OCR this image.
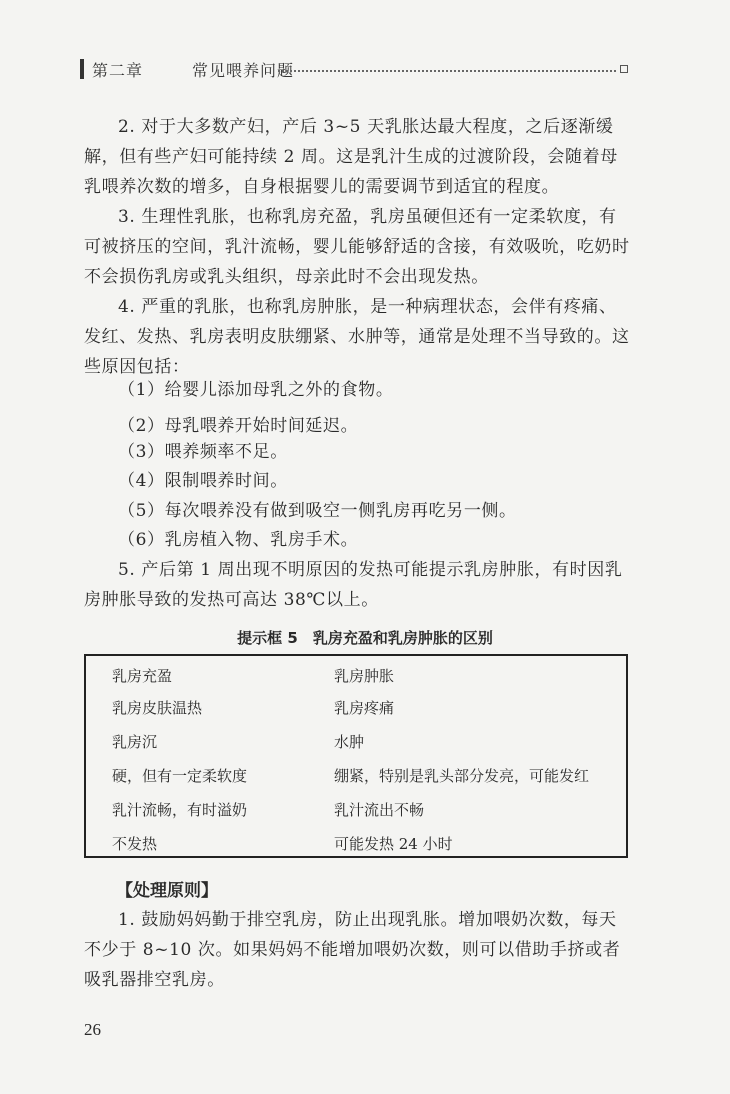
第二章	常见喂养问题

2. 对于大多数产妇，产后 3~5 天乳胀达最大程度，之后逐渐缓解，但有些产妇可能持续 2 周。这是乳汁生成的过渡阶段，会随着母乳喂养次数的增多，自身根据婴儿的需要调节到适宜的程度。

3. 生理性乳胀，也称乳房充盈，乳房虽硬但还有一定柔软度，有可被挤压的空间，乳汁流畅，婴儿能够舒适的含接，有效吸吮，吃奶时不会损伤乳房或乳头组织，母亲此时不会出现发热。

4. 严重的乳胀，也称乳房肿胀，是一种病理状态，会伴有疼痛、发红、发热、乳房表明皮肤绷紧、水肿等，通常是处理不当导致的。这些原因包括：

（1）给婴儿添加母乳之外的食物。

（2）母乳喂养开始时间延迟。

（3）喂养频率不足。

（4）限制喂养时间。

（5）每次喂养没有做到吸空一侧乳房再吃另一侧。

（6）乳房植入物、乳房手术。

5. 产后第 1 周出现不明原因的发热可能提示乳房肿胀，有时因乳房肿胀导致的发热可高达 38℃以上。

提示框 5　乳房充盈和乳房肿胀的区别
乳房充盈	乳房肿胀
乳房皮肤温热	乳房疼痛
乳房沉	水肿
硬，但有一定柔软度	绷紧，特别是乳头部分发亮，可能发红
乳汁流畅，有时溢奶	乳汁流出不畅
不发热	可能发热 24 小时
【处理原则】

1. 鼓励妈妈勤于排空乳房，防止出现乳胀。增加喂奶次数，每天不少于 8~10 次。如果妈妈不能增加喂奶次数，则可以借助手挤或者吸乳器排空乳房。

26
